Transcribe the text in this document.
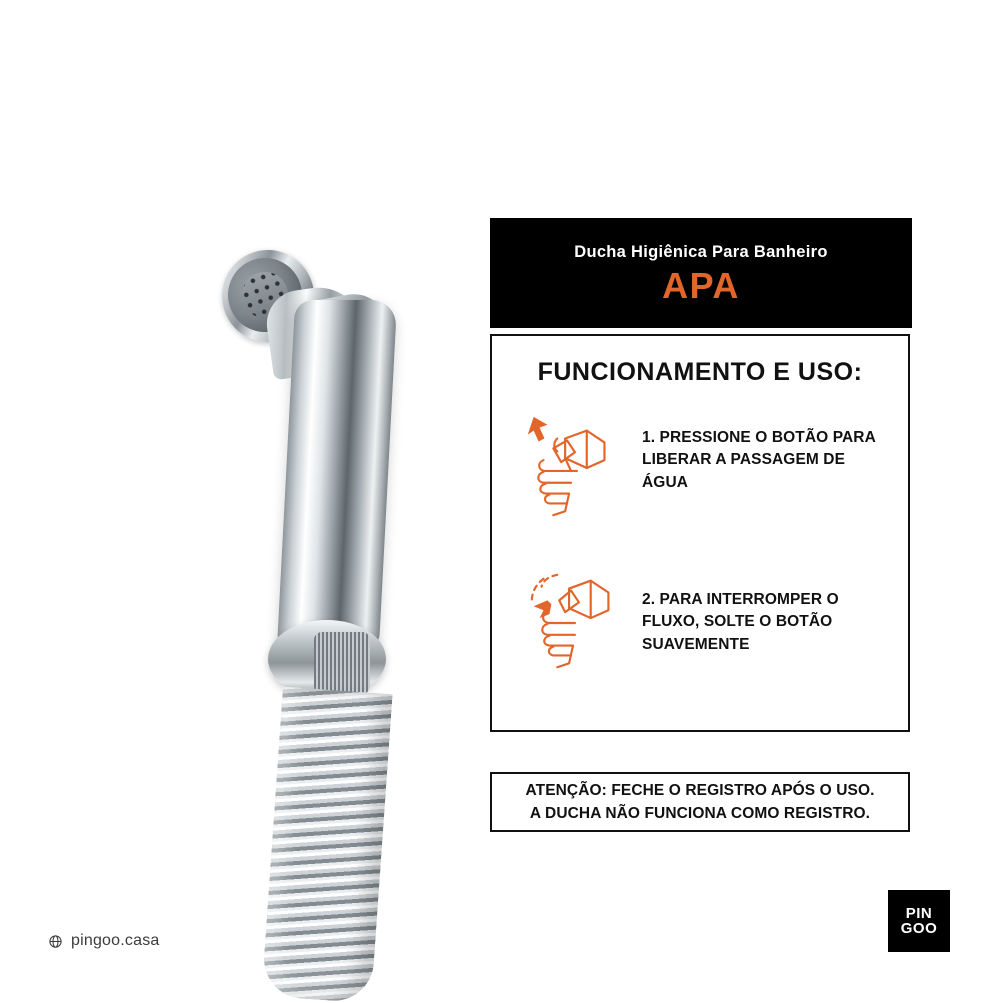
pingoo.casa
Ducha Higiênica Para Banheiro
APA
FUNCIONAMENTO E USO:
1. PRESSIONE O BOTÃO PARA LIBERAR A PASSAGEM DE ÁGUA
2. PARA INTERROMPER O FLUXO, SOLTE O BOTÃO SUAVEMENTE
ATENÇÃO: FECHE O REGISTRO APÓS O USO.
A DUCHA NÃO FUNCIONA COMO REGISTRO.
PIN
GOO
